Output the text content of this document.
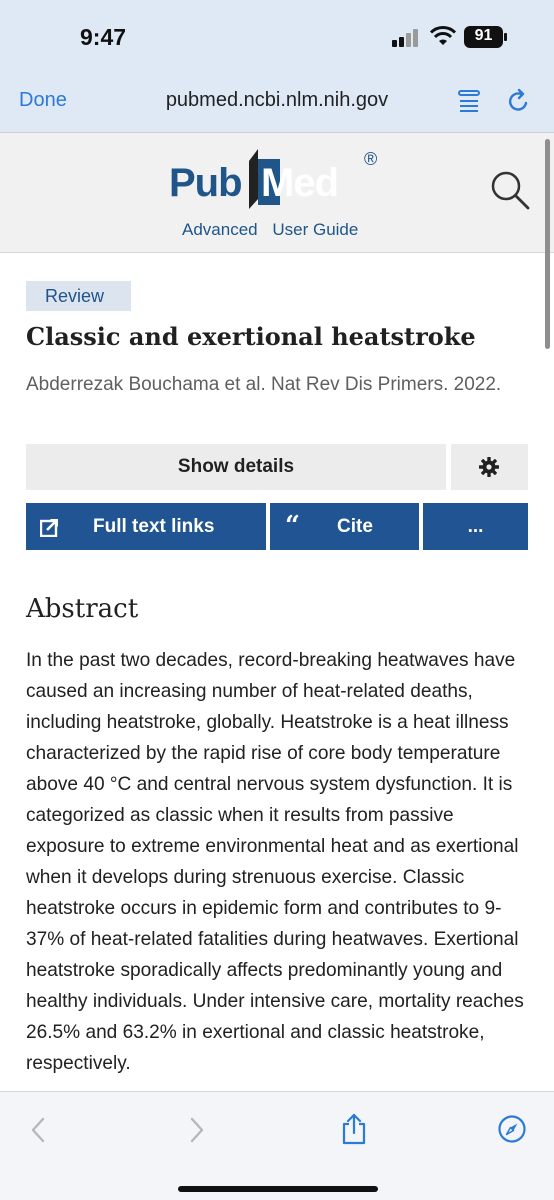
9:47	91
Done	pubmed.ncbi.nlm.nih.gov
Pub Med
®
Advanced User Guide
Review
Classic and exertional heatstroke
Abderrezak Bouchama et al. Nat Rev Dis Primers. 2022.
Show details
Full text links	“ Cite	...
Abstract
In the past two decades, record-breaking heatwaves have caused an increasing number of heat-related deaths, including heatstroke, globally. Heatstroke is a heat illness characterized by the rapid rise of core body temperature above 40 °C and central nervous system dysfunction. It is categorized as classic when it results from passive exposure to extreme environmental heat and as exertional when it develops during strenuous exercise. Classic heatstroke occurs in epidemic form and contributes to 9-37% of heat-related fatalities during heatwaves. Exertional heatstroke sporadically affects predominantly young and healthy individuals. Under intensive care, mortality reaches 26.5% and 63.2% in exertional and classic heatstroke, respectively.
